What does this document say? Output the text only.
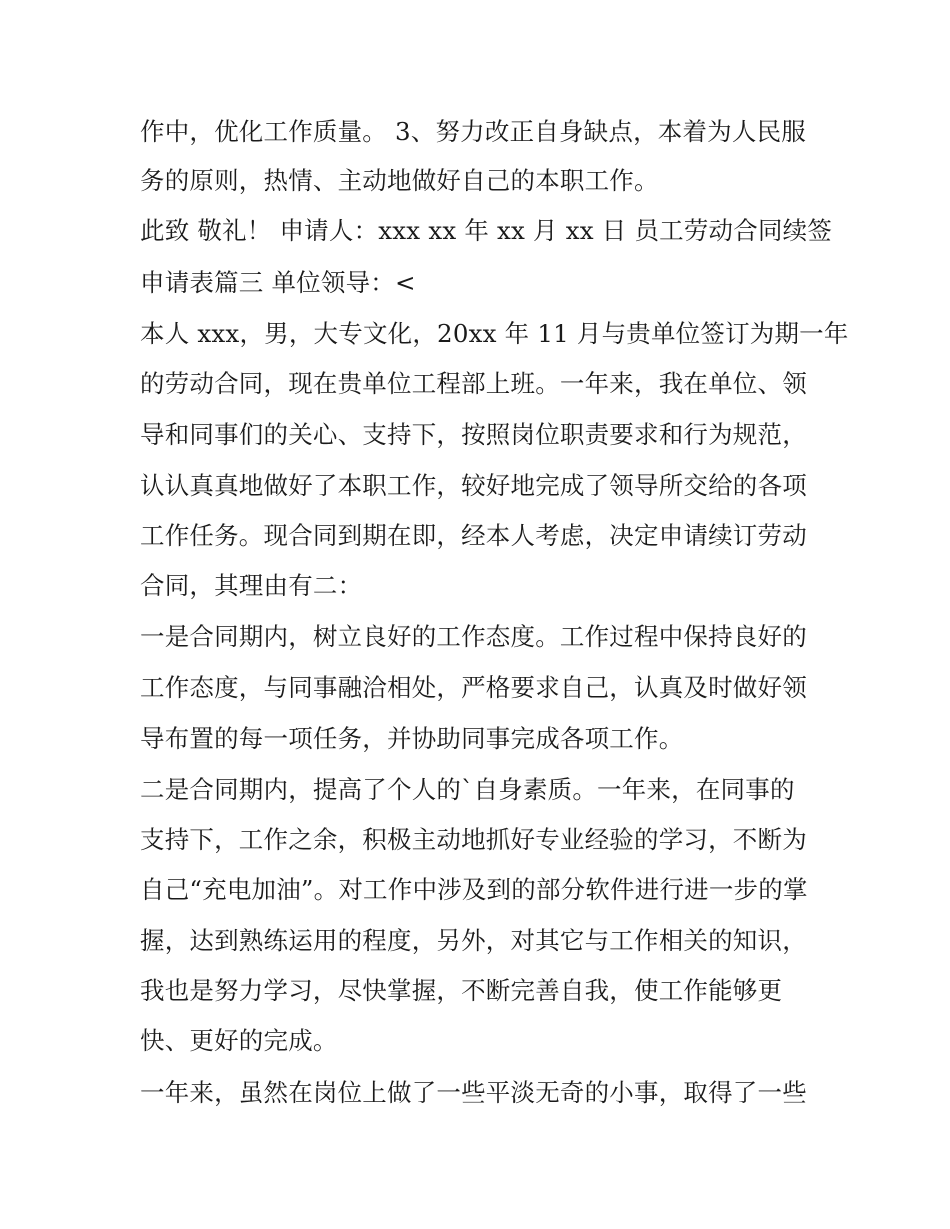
作中，优化工作质量。 3、努力改正自身缺点，本着为人民服
务的原则，热情、主动地做好自己的本职工作。
此致 敬礼！ 申请人：xxx xx 年 xx 月 xx 日 员工劳动合同续签
申请表篇三 单位领导：<
本人 xxx，男，大专文化，20xx 年 11 月与贵单位签订为期一年
的劳动合同，现在贵单位工程部上班。一年来，我在单位、领
导和同事们的关心、支持下，按照岗位职责要求和行为规范，
认认真真地做好了本职工作，较好地完成了领导所交给的各项
工作任务。现合同到期在即，经本人考虑，决定申请续订劳动
合同，其理由有二：
一是合同期内，树立良好的工作态度。工作过程中保持良好的
工作态度，与同事融洽相处，严格要求自己，认真及时做好领
导布置的每一项任务，并协助同事完成各项工作。
二是合同期内，提高了个人的`自身素质。一年来，在同事的
支持下，工作之余，积极主动地抓好专业经验的学习，不断为
自己“充电加油”。对工作中涉及到的部分软件进行进一步的掌
握，达到熟练运用的程度，另外，对其它与工作相关的知识，
我也是努力学习，尽快掌握，不断完善自我，使工作能够更
快、更好的完成。
一年来，虽然在岗位上做了一些平淡无奇的小事，取得了一些
